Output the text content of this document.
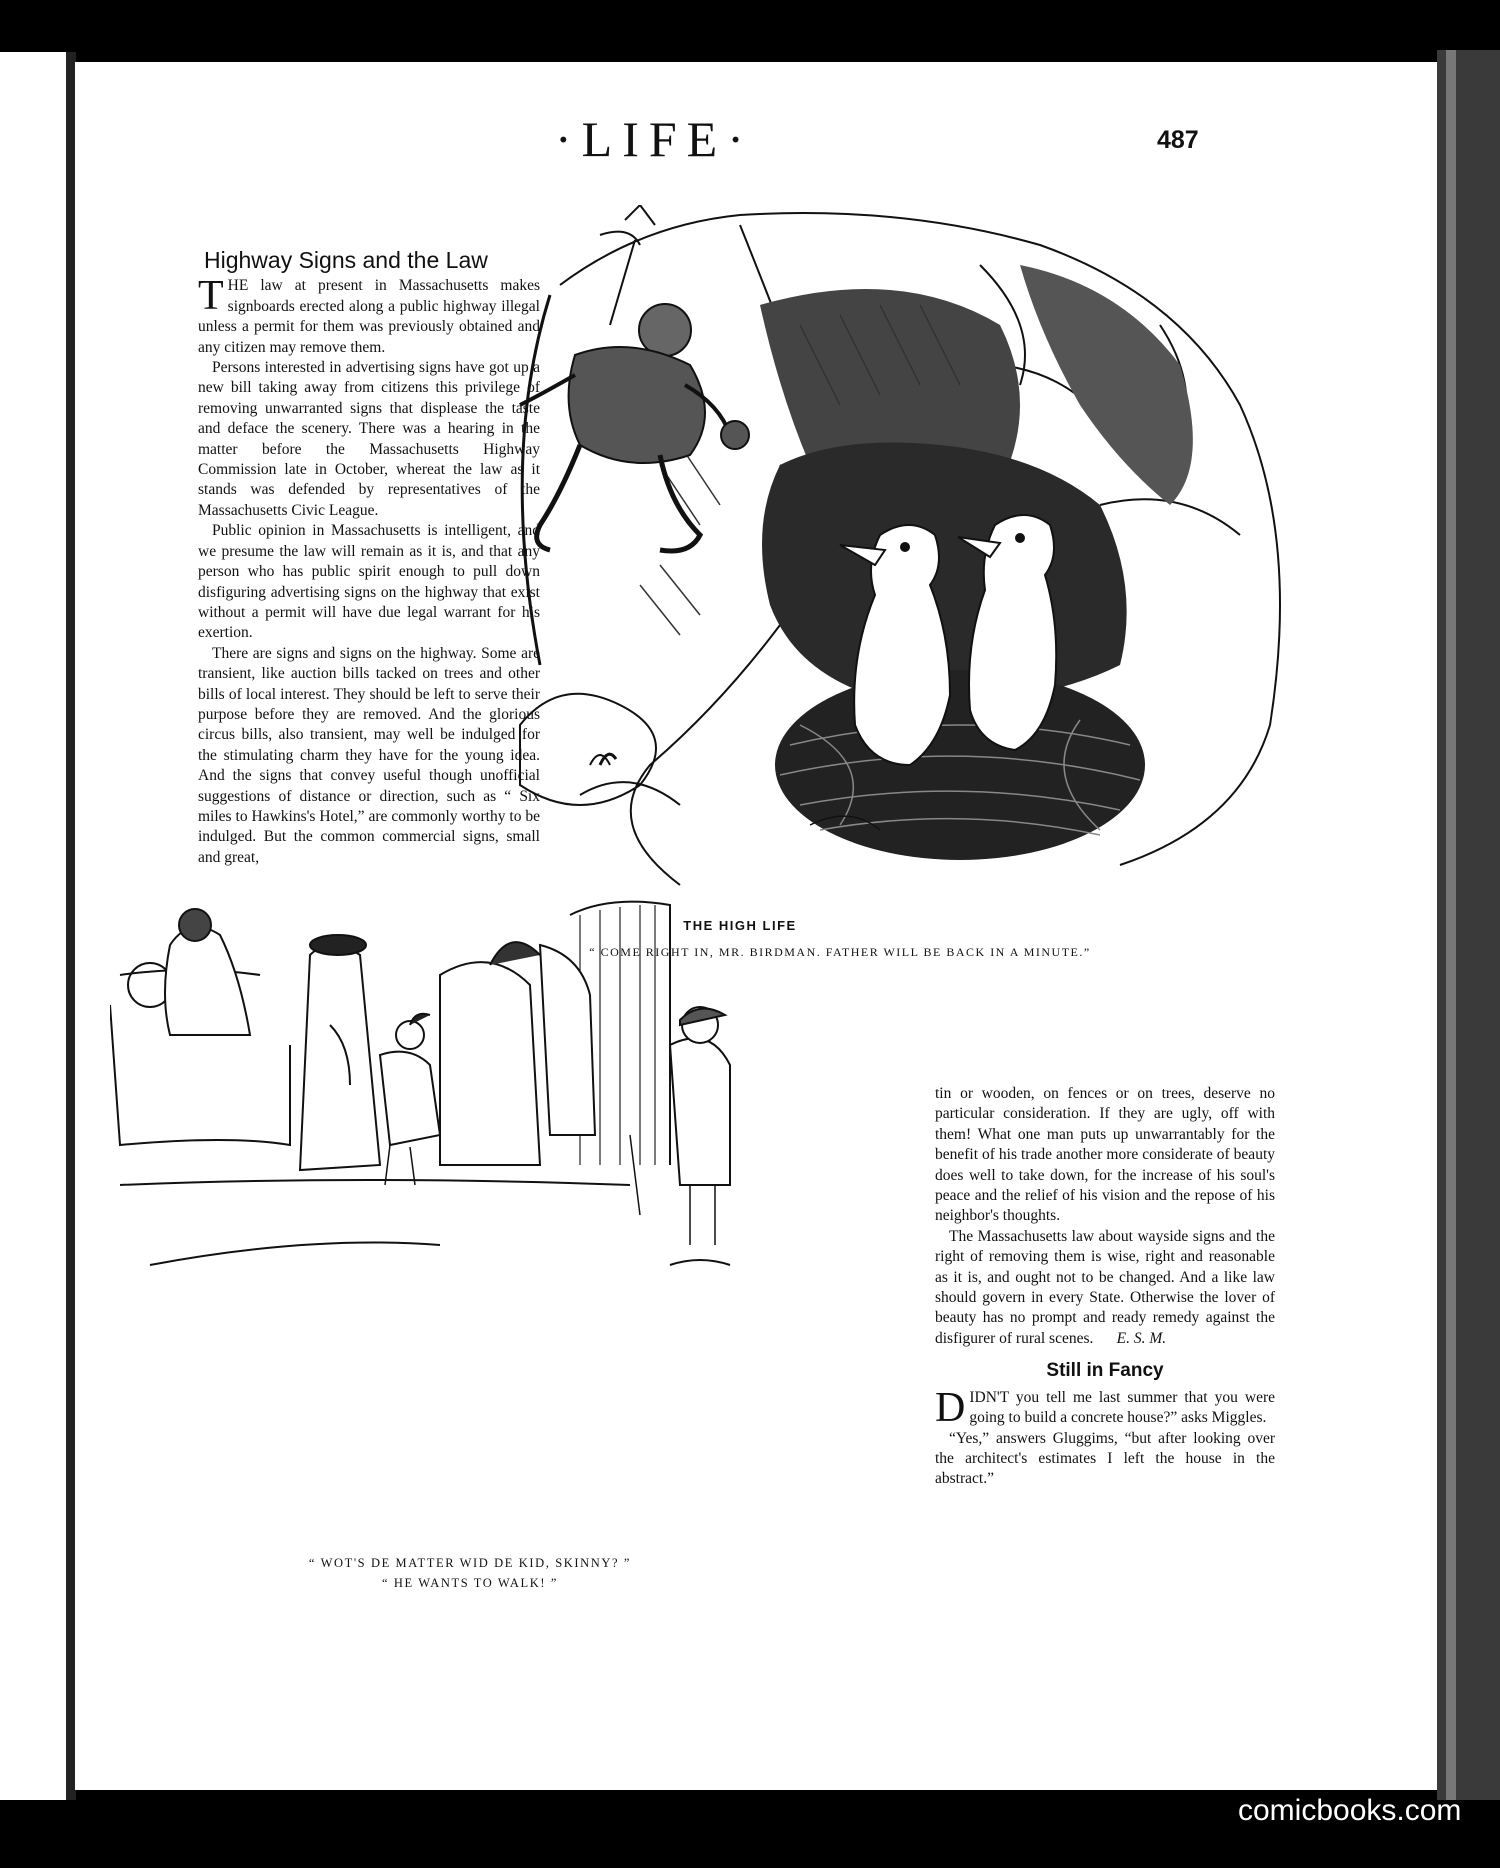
·LIFE·	487
Highway Signs and the Law

THE law at present in Massachusetts makes signboards erected along a public highway illegal unless a permit for them was previously obtained and any citizen may remove them.

Persons interested in advertising signs have got up a new bill taking away from citizens this privilege of removing unwarranted signs that displease the taste and deface the scenery. There was a hearing in the matter before the Massachusetts Highway Commission late in October, whereat the law as it stands was defended by representatives of the Massachusetts Civic League.

Public opinion in Massachusetts is intelligent, and we presume the law will remain as it is, and that any person who has public spirit enough to pull down disfiguring advertising signs on the highway that exist without a permit will have due legal warrant for his exertion.

There are signs and signs on the highway. Some are transient, like auction bills tacked on trees and other bills of local interest. They should be left to serve their purpose before they are removed. And the glorious circus bills, also transient, may well be indulged for the stimulating charm they have for the young idea. And the signs that convey useful though unofficial suggestions of distance or direction, such as “ Six miles to Hawkins's Hotel,” are commonly worthy to be indulged. But the common commercial signs, small and great,

THE HIGH LIFE
“ COME RIGHT IN, MR. BIRDMAN. FATHER WILL BE BACK IN A MINUTE.”
“ WOT'S DE MATTER WID DE KID, SKINNY? ”
“ HE WANTS TO WALK! ”

tin or wooden, on fences or on trees, deserve no particular consideration. If they are ugly, off with them! What one man puts up unwarrantably for the benefit of his trade another more considerate of beauty does well to take down, for the increase of his soul's peace and the relief of his vision and the repose of his neighbor's thoughts.

The Massachusetts law about wayside signs and the right of removing them is wise, right and reasonable as it is, and ought not to be changed. And a like law should govern in every State. Otherwise the lover of beauty has no prompt and ready remedy against the disfigurer of rural scenes. E. S. M.

Still in Fancy

DIDN'T you tell me last summer that you were going to build a concrete house?” asks Miggles.

“Yes,” answers Gluggims, “but after looking over the architect's estimates I left the house in the abstract.”

comicbooks.com
